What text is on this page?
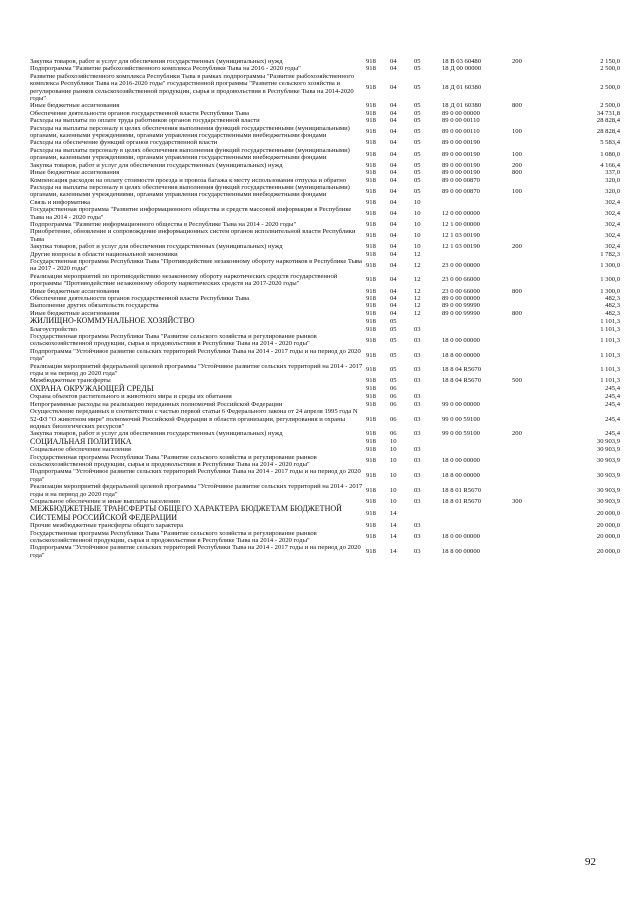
Закупка товаров, работ и услуг для обеспечения государственных (муниципальных) нужд	918	04	05	18 В 03 60480	200	2 150,0
Подпрограмма "Развитие рыбохозяйственного комплекса Республики Тыва на 2016 - 2020 годы"	918	04	05	18 Д 00 00000		2 500,0
Развитие рыбохозяйственного комплекса Республики Тыва в рамках подпрограммы "Развитие рыбохозяйственного комплекса Республики Тыва на 2016-2020 годы" государственной программы "Развитие сельского хозяйства и регулирование рынков сельскохозяйственной продукции, сырья и продовольствия в Республике Тыва на 2014-2020 годы"	918	04	05	18 Д 01 60380		2 500,0
Иные бюджетные ассигнования	918	04	05	18 Д 01 60380	800	2 500,0
Обеспечение деятельности органов государственной власти Республики Тыва	918	04	05	89 0 00 00000		34 731,8
Расходы на выплаты по оплате труда работников органов государственной власти	918	04	05	89 0 00 00110		28 828,4
Расходы на выплаты персоналу в целях обеспечения выполнения функций государственными (муниципальными) органами, казенными учреждениями, органами управления государственными внебюджетными фондами	918	04	05	89 0 00 00110	100	28 828,4
Расходы на обеспечение функций органов государственной власти	918	04	05	89 0 00 00190		5 583,4
Расходы на выплаты персоналу в целях обеспечения выполнения функций государственными (муниципальными) органами, казенными учреждениями, органами управления государственными внебюджетными фондами	918	04	05	89 0 00 00190	100	1 080,0
Закупка товаров, работ и услуг для обеспечения государственных (муниципальных) нужд	918	04	05	89 0 00 00190	200	4 166,4
Иные бюджетные ассигнования	918	04	05	89 0 00 00190	800	337,0
Компенсация расходов на оплату стоимости проезда и провоза багажа к месту использования отпуска и обратно	918	04	05	89 0 00 00870		320,0
Расходы на выплаты персоналу в целях обеспечения выполнения функций государственными (муниципальными) органами, казенными учреждениями, органами управления государственными внебюджетными фондами	918	04	05	89 0 00 00870	100	320,0
Связь и информатика	918	04	10			302,4
Государственная программа "Развитие информационного общества и средств массовой информации в Республике Тыва на 2014 - 2020 годы"	918	04	10	12 0 00 00000		302,4
Подпрограмма "Развитие информационного общества в Республике Тыва на 2014 - 2020 годы"	918	04	10	12 1 00 00000		302,4
Приобретение, обновление и сопровождение информационных систем органов исполнительной власти Республики Тыва	918	04	10	12 1 03 00190		302,4
Закупка товаров, работ и услуг для обеспечения государственных (муниципальных) нужд	918	04	10	12 1 03 00190	200	302,4
Другие вопросы в области национальной экономики	918	04	12			1 782,3
Государственная программа Республики Тыва "Противодействие незаконному обороту наркотиков в Республике Тыва на 2017 - 2020 годы"	918	04	12	23 0 00 00000		1 300,0
Реализация мероприятий по противодействию незаконному обороту наркотических средств государственной программы "Противодействие незаконному обороту наркотических средств на 2017-2020 годы"	918	04	12	23 0 00 66000		1 300,0
Иные бюджетные ассигнования	918	04	12	23 0 00 66000	800	1 300,0
Обеспечение деятельности органов государственной власти Республики Тыва	918	04	12	89 0 00 00000		482,3
Выполнение других обязательств государства	918	04	12	89 0 00 99990		482,3
Иные бюджетные ассигнования	918	04	12	89 0 00 99990	800	482,3
ЖИЛИЩНО-КОММУНАЛЬНОЕ ХОЗЯЙСТВО	918	05				1 101,3
Благоустройство	918	05	03			1 101,3
Государственная программа Республики Тыва "Развитие сельского хозяйства и регулирование рынков сельскохозяйственной продукции, сырья и продовольствия в Республике Тыва на 2014 - 2020 годы"	918	05	03	18 0 00 00000		1 101,3
Подпрограмма "Устойчивое развитие сельских территорий Республики Тыва на 2014 - 2017 годы и на период до 2020 года"	918	05	03	18 8 00 00000		1 101,3
Реализация мероприятий федеральной целевой программы "Устойчивое развитие сельских территорий на 2014 - 2017 годы и на период до 2020 года"	918	05	03	18 8 04 R5670		1 101,3
Межбюджетные трансферты	918	05	03	18 8 04 R5670	500	1 101,3
ОХРАНА ОКРУЖАЮЩЕЙ СРЕДЫ	918	06				245,4
Охрана объектов растительного и животного мира и среды их обитания	918	06	03			245,4
Непрограммные расходы на реализацию переданных полномочий Российской Федерации	918	06	03	99 0 00 00000		245,4
Осуществление переданных в соответствии с частью первой статьи 6 Федерального закона от 24 апреля 1995 года N 52-ФЗ "О животном мире" полномочий Российской Федерации в области организации, регулирования и охраны водных биологических ресурсов"	918	06	03	99 0 00 59100		245,4
Закупка товаров, работ и услуг для обеспечения государственных (муниципальных) нужд	918	06	03	99 0 00 59100	200	245,4
СОЦИАЛЬНАЯ ПОЛИТИКА	918	10				30 903,9
Социальное обеспечение населения	918	10	03			30 903,9
Государственная программа Республики Тыва "Развитие сельского хозяйства и регулирование рынков сельскохозяйственной продукции, сырья и продовольствия в Республике Тыва на 2014 - 2020 годы"	918	10	03	18 0 00 00000		30 903,9
Подпрограмма "Устойчивое развитие сельских территорий Республики Тыва на 2014 - 2017 годы и на период до 2020 года"	918	10	03	18 8 00 00000		30 903,9
Реализация мероприятий федеральной целевой программы "Устойчивое развитие сельских территорий на 2014 - 2017 годы и на период до 2020 года"	918	10	03	18 8 01 R5670		30 903,9
Социальное обеспечение и иные выплаты населению	918	10	03	18 8 01 R5670	300	30 903,9
МЕЖБЮДЖЕТНЫЕ ТРАНСФЕРТЫ ОБЩЕГО ХАРАКТЕРА БЮДЖЕТАМ БЮДЖЕТНОЙ СИСТЕМЫ РОССИЙСКОЙ ФЕДЕРАЦИИ	918	14				20 000,0
Прочие межбюджетные трансферты общего характера	918	14	03			20 000,0
Государственная программа Республики Тыва "Развитие сельского хозяйства и регулирование рынков сельскохозяйственной продукции, сырья и продовольствия в Республике Тыва на 2014 - 2020 годы"	918	14	03	18 0 00 00000		20 000,0
Подпрограмма "Устойчивое развитие сельских территорий Республики Тыва на 2014 - 2017 годы и на период до 2020 года"	918	14	03	18 8 00 00000		20 000,0
92
